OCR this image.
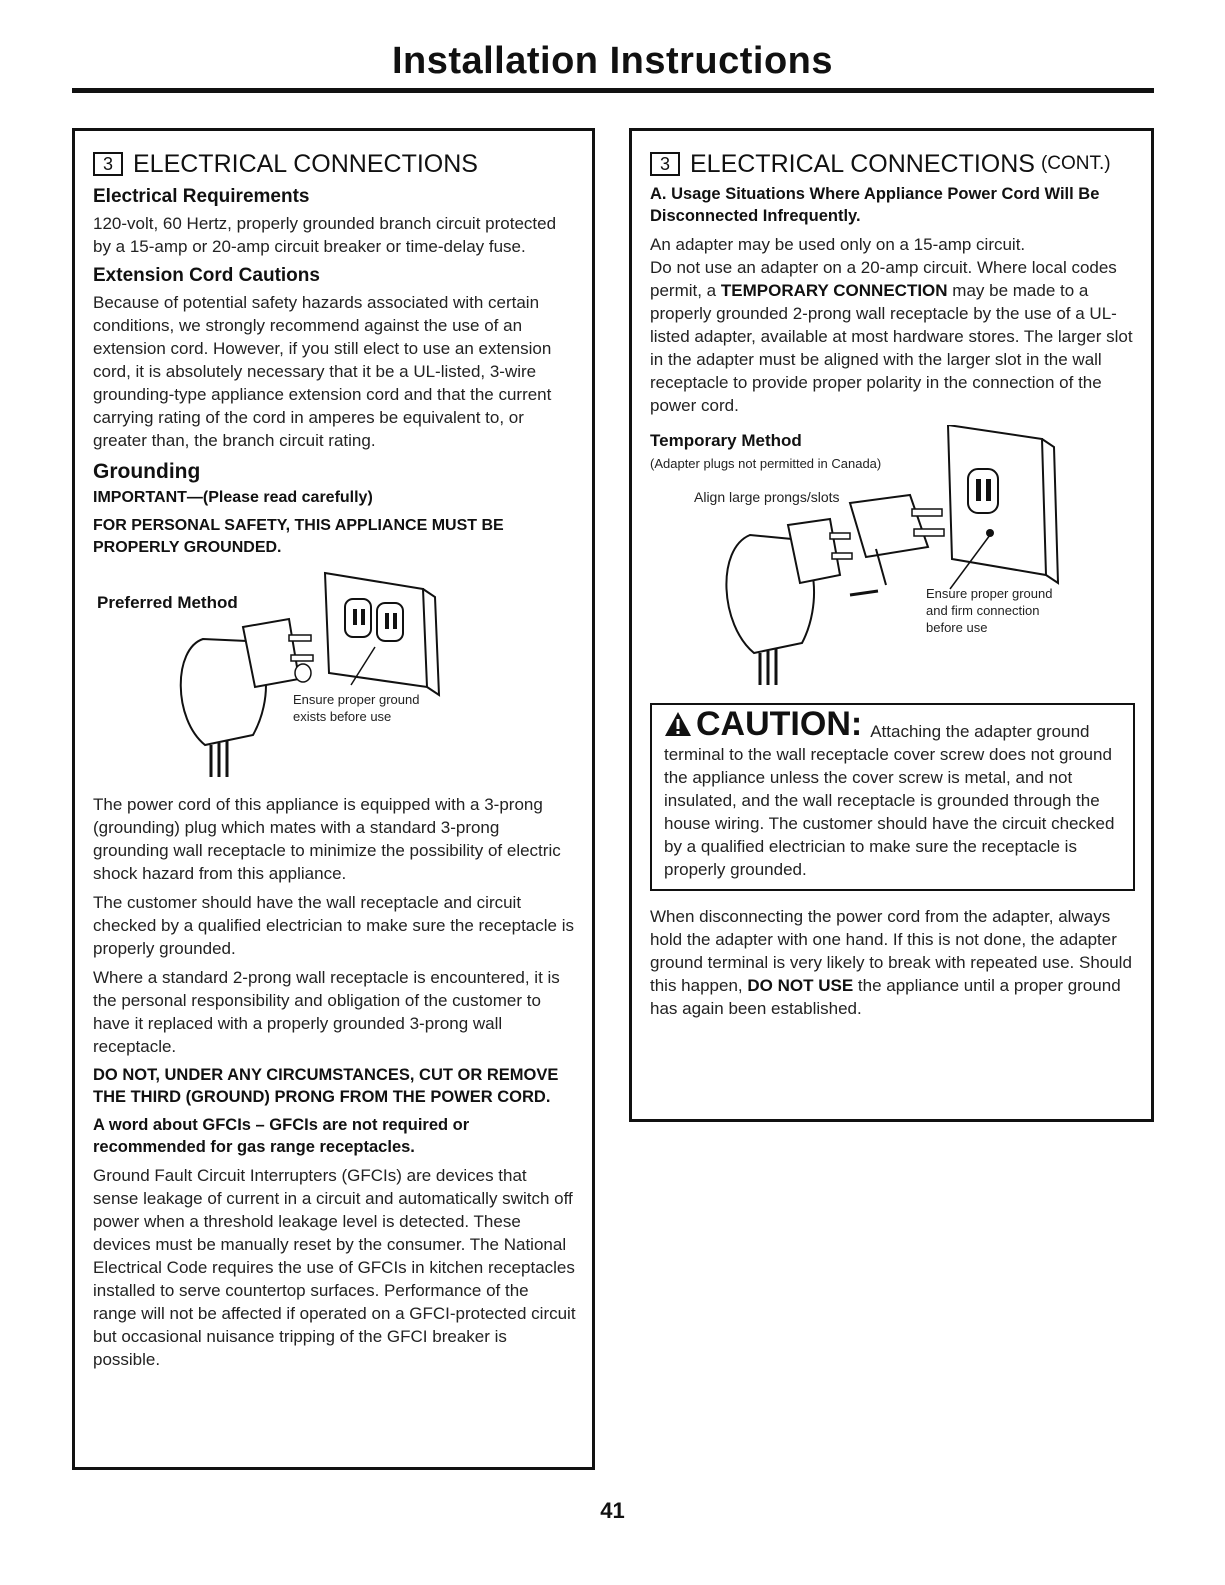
Installation Instructions
3 ELECTRICAL CONNECTIONS
Electrical Requirements

120-volt, 60 Hertz, properly grounded branch circuit protected by a 15-amp or 20-amp circuit breaker or time-delay fuse.

Extension Cord Cautions

Because of potential safety hazards associated with certain conditions, we strongly recommend against the use of an extension cord. However, if you still elect to use an extension cord, it is absolutely necessary that it be a UL-listed, 3-wire grounding-type appliance extension cord and that the current carrying rating of the cord in amperes be equivalent to, or greater than, the branch circuit rating.

Grounding
IMPORTANT—(Please read carefully)
FOR PERSONAL SAFETY, THIS APPLIANCE MUST BE PROPERLY GROUNDED.
Preferred Method
Ensure proper ground exists before use

The power cord of this appliance is equipped with a 3-prong (grounding) plug which mates with a standard 3-prong grounding wall receptacle to minimize the possibility of electric shock hazard from this appliance.

The customer should have the wall receptacle and circuit checked by a qualified electrician to make sure the receptacle is properly grounded.

Where a standard 2-prong wall receptacle is encountered, it is the personal responsibility and obligation of the customer to have it replaced with a properly grounded 3-prong wall receptacle.

DO NOT, UNDER ANY CIRCUMSTANCES, CUT OR REMOVE THE THIRD (GROUND) PRONG FROM THE POWER CORD.
A word about GFCIs – GFCIs are not required or recommended for gas range receptacles.

Ground Fault Circuit Interrupters (GFCIs) are devices that sense leakage of current in a circuit and automatically switch off power when a threshold leakage level is detected. These devices must be manually reset by the consumer. The National Electrical Code requires the use of GFCIs in kitchen receptacles installed to serve countertop surfaces. Performance of the range will not be affected if operated on a GFCI-protected circuit but occasional nuisance tripping of the GFCI breaker is possible.

3 ELECTRICAL CONNECTIONS (CONT.)
A. Usage Situations Where Appliance Power Cord Will Be Disconnected Infrequently.

An adapter may be used only on a 15-amp circuit.

Do not use an adapter on a 20-amp circuit. Where local codes permit, a TEMPORARY CONNECTION may be made to a properly grounded 2-prong wall receptacle by the use of a UL-listed adapter, available at most hardware stores. The larger slot in the adapter must be aligned with the larger slot in the wall receptacle to provide proper polarity in the connection of the power cord.

Temporary Method
(Adapter plugs not permitted in Canada)
Align large prongs/slots
Ensure proper ground and firm connection before use
CAUTION: Attaching the adapter ground

terminal to the wall receptacle cover screw does not ground the appliance unless the cover screw is metal, and not insulated, and the wall receptacle is grounded through the house wiring. The customer should have the circuit checked by a qualified electrician to make sure the receptacle is properly grounded.

When disconnecting the power cord from the adapter, always hold the adapter with one hand. If this is not done, the adapter ground terminal is very likely to break with repeated use. Should this happen, DO NOT USE the appliance until a proper ground has again been established.

41
